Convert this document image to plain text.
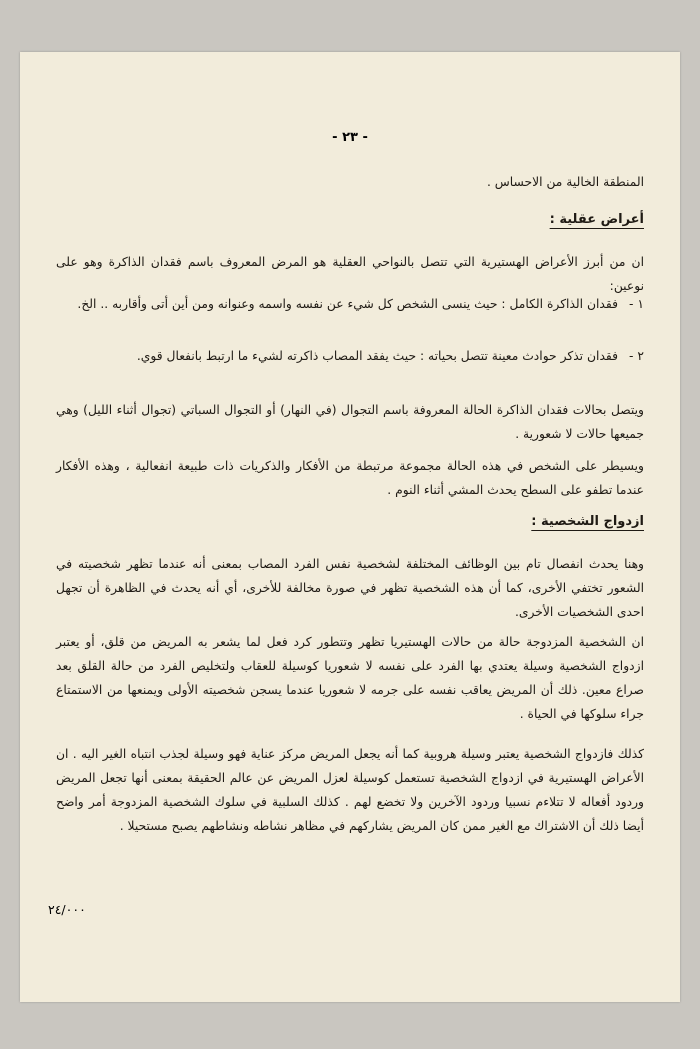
- ٢٣ -
المنطقة الخالية من الاحساس .
أعراض عقلية :
ان من أبرز الأعراض الهستيرية التي تتصل بالنواحي العقلية هو المرض المعروف باسم فقدان الذاكرة وهو على نوعين:
١ -فقدان الذاكرة الكامل : حيث ينسى الشخص كل شيء عن نفسه واسمه وعنوانه ومن أين أتى وأقاربه .. الخ.
٢ -فقدان تذكر حوادث معينة تتصل بحياته : حيث يفقد المصاب ذاكرته لشيء ما ارتبط بانفعال قوي.
ويتصل بحالات فقدان الذاكرة الحالة المعروفة باسم التجوال (في النهار) أو التجوال السباتي (تجوال أثناء الليل) وهي جميعها حالات لا شعورية .
ويسيطر على الشخص في هذه الحالة مجموعة مرتبطة من الأفكار والذكريات ذات طبيعة انفعالية ، وهذه الأفكار عندما تطفو على السطح يحدث المشي أثناء النوم .
ازدواج الشخصية :
وهنا يحدث انفصال تام بين الوظائف المختلفة لشخصية نفس الفرد المصاب بمعنى أنه عندما تظهر شخصيته في الشعور تختفي الأخرى، كما أن هذه الشخصية تظهر في صورة مخالفة للأخرى، أي أنه يحدث في الظاهرة أن تجهل احدى الشخصيات الأخرى.
ان الشخصية المزدوجة حالة من حالات الهستيريا تظهر وتتطور كرد فعل لما يشعر به المريض من قلق، أو يعتبر ازدواج الشخصية وسيلة يعتدي بها الفرد على نفسه لا شعوريا كوسيلة للعقاب ولتخليص الفرد من حالة القلق بعد صراع معين. ذلك أن المريض يعاقب نفسه على جرمه لا شعوريا عندما يسجن شخصيته الأولى ويمنعها من الاستمتاع جراء سلوكها في الحياة .
كذلك فازدواج الشخصية يعتبر وسيلة هروبية كما أنه يجعل المريض مركز عناية فهو وسيلة لجذب انتباه الغير اليه . ان الأعراض الهستيرية في ازدواج الشخصية تستعمل كوسيلة لعزل المريض عن عالم الحقيقة بمعنى أنها تجعل المريض وردود أفعاله لا تتلاءم نسبيا وردود الآخرين ولا تخضع لهم . كذلك السلبية في سلوك الشخصية المزدوجة أمر واضح أيضا ذلك أن الاشتراك مع الغير ممن كان المريض يشاركهم في مظاهر نشاطه ونشاطهم يصبح مستحيلا .
٢٤/٠٠٠
